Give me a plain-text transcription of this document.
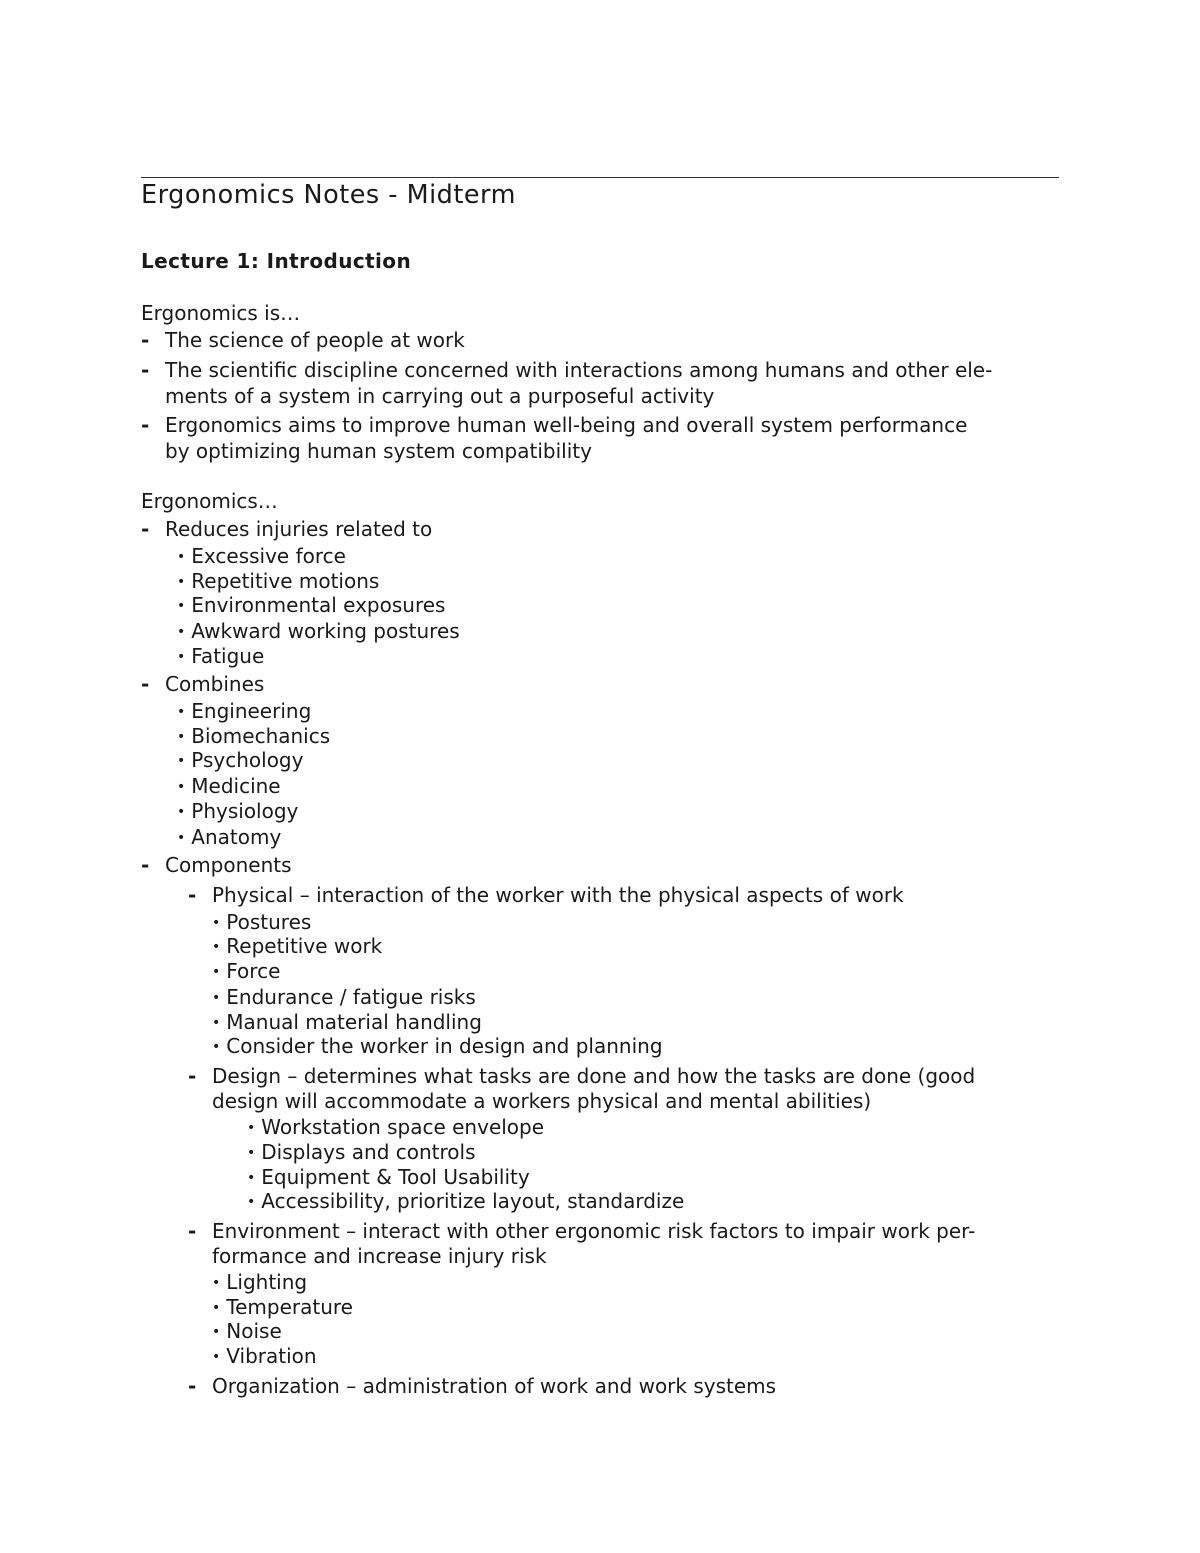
Ergonomics Notes - Midterm
Lecture 1: Introduction

Ergonomics is…

- The science of people at work

- The scientific discipline concerned with interactions among humans and other ele-

ments of a system in carrying out a purposeful activity

- Ergonomics aims to improve human well-being and overall system performance

by optimizing human system compatibility

Ergonomics…

- Reduces injuries related to

• Excessive force
• Repetitive motions
• Environmental exposures
• Awkward working postures
• Fatigue
- Combines

• Engineering
• Biomechanics
• Psychology
• Medicine
• Physiology
• Anatomy
- Components

- Physical – interaction of the worker with the physical aspects of work

• Postures
• Repetitive work
• Force
• Endurance / fatigue risks
• Manual material handling
• Consider the worker in design and planning
- Design – determines what tasks are done and how the tasks are done (good

design will accommodate a workers physical and mental abilities)

• Workstation space envelope
• Displays and controls
• Equipment & Tool Usability
• Accessibility, prioritize layout, standardize
- Environment – interact with other ergonomic risk factors to impair work per-

formance and increase injury risk

• Lighting
• Temperature
• Noise
• Vibration
- Organization – administration of work and work systems
